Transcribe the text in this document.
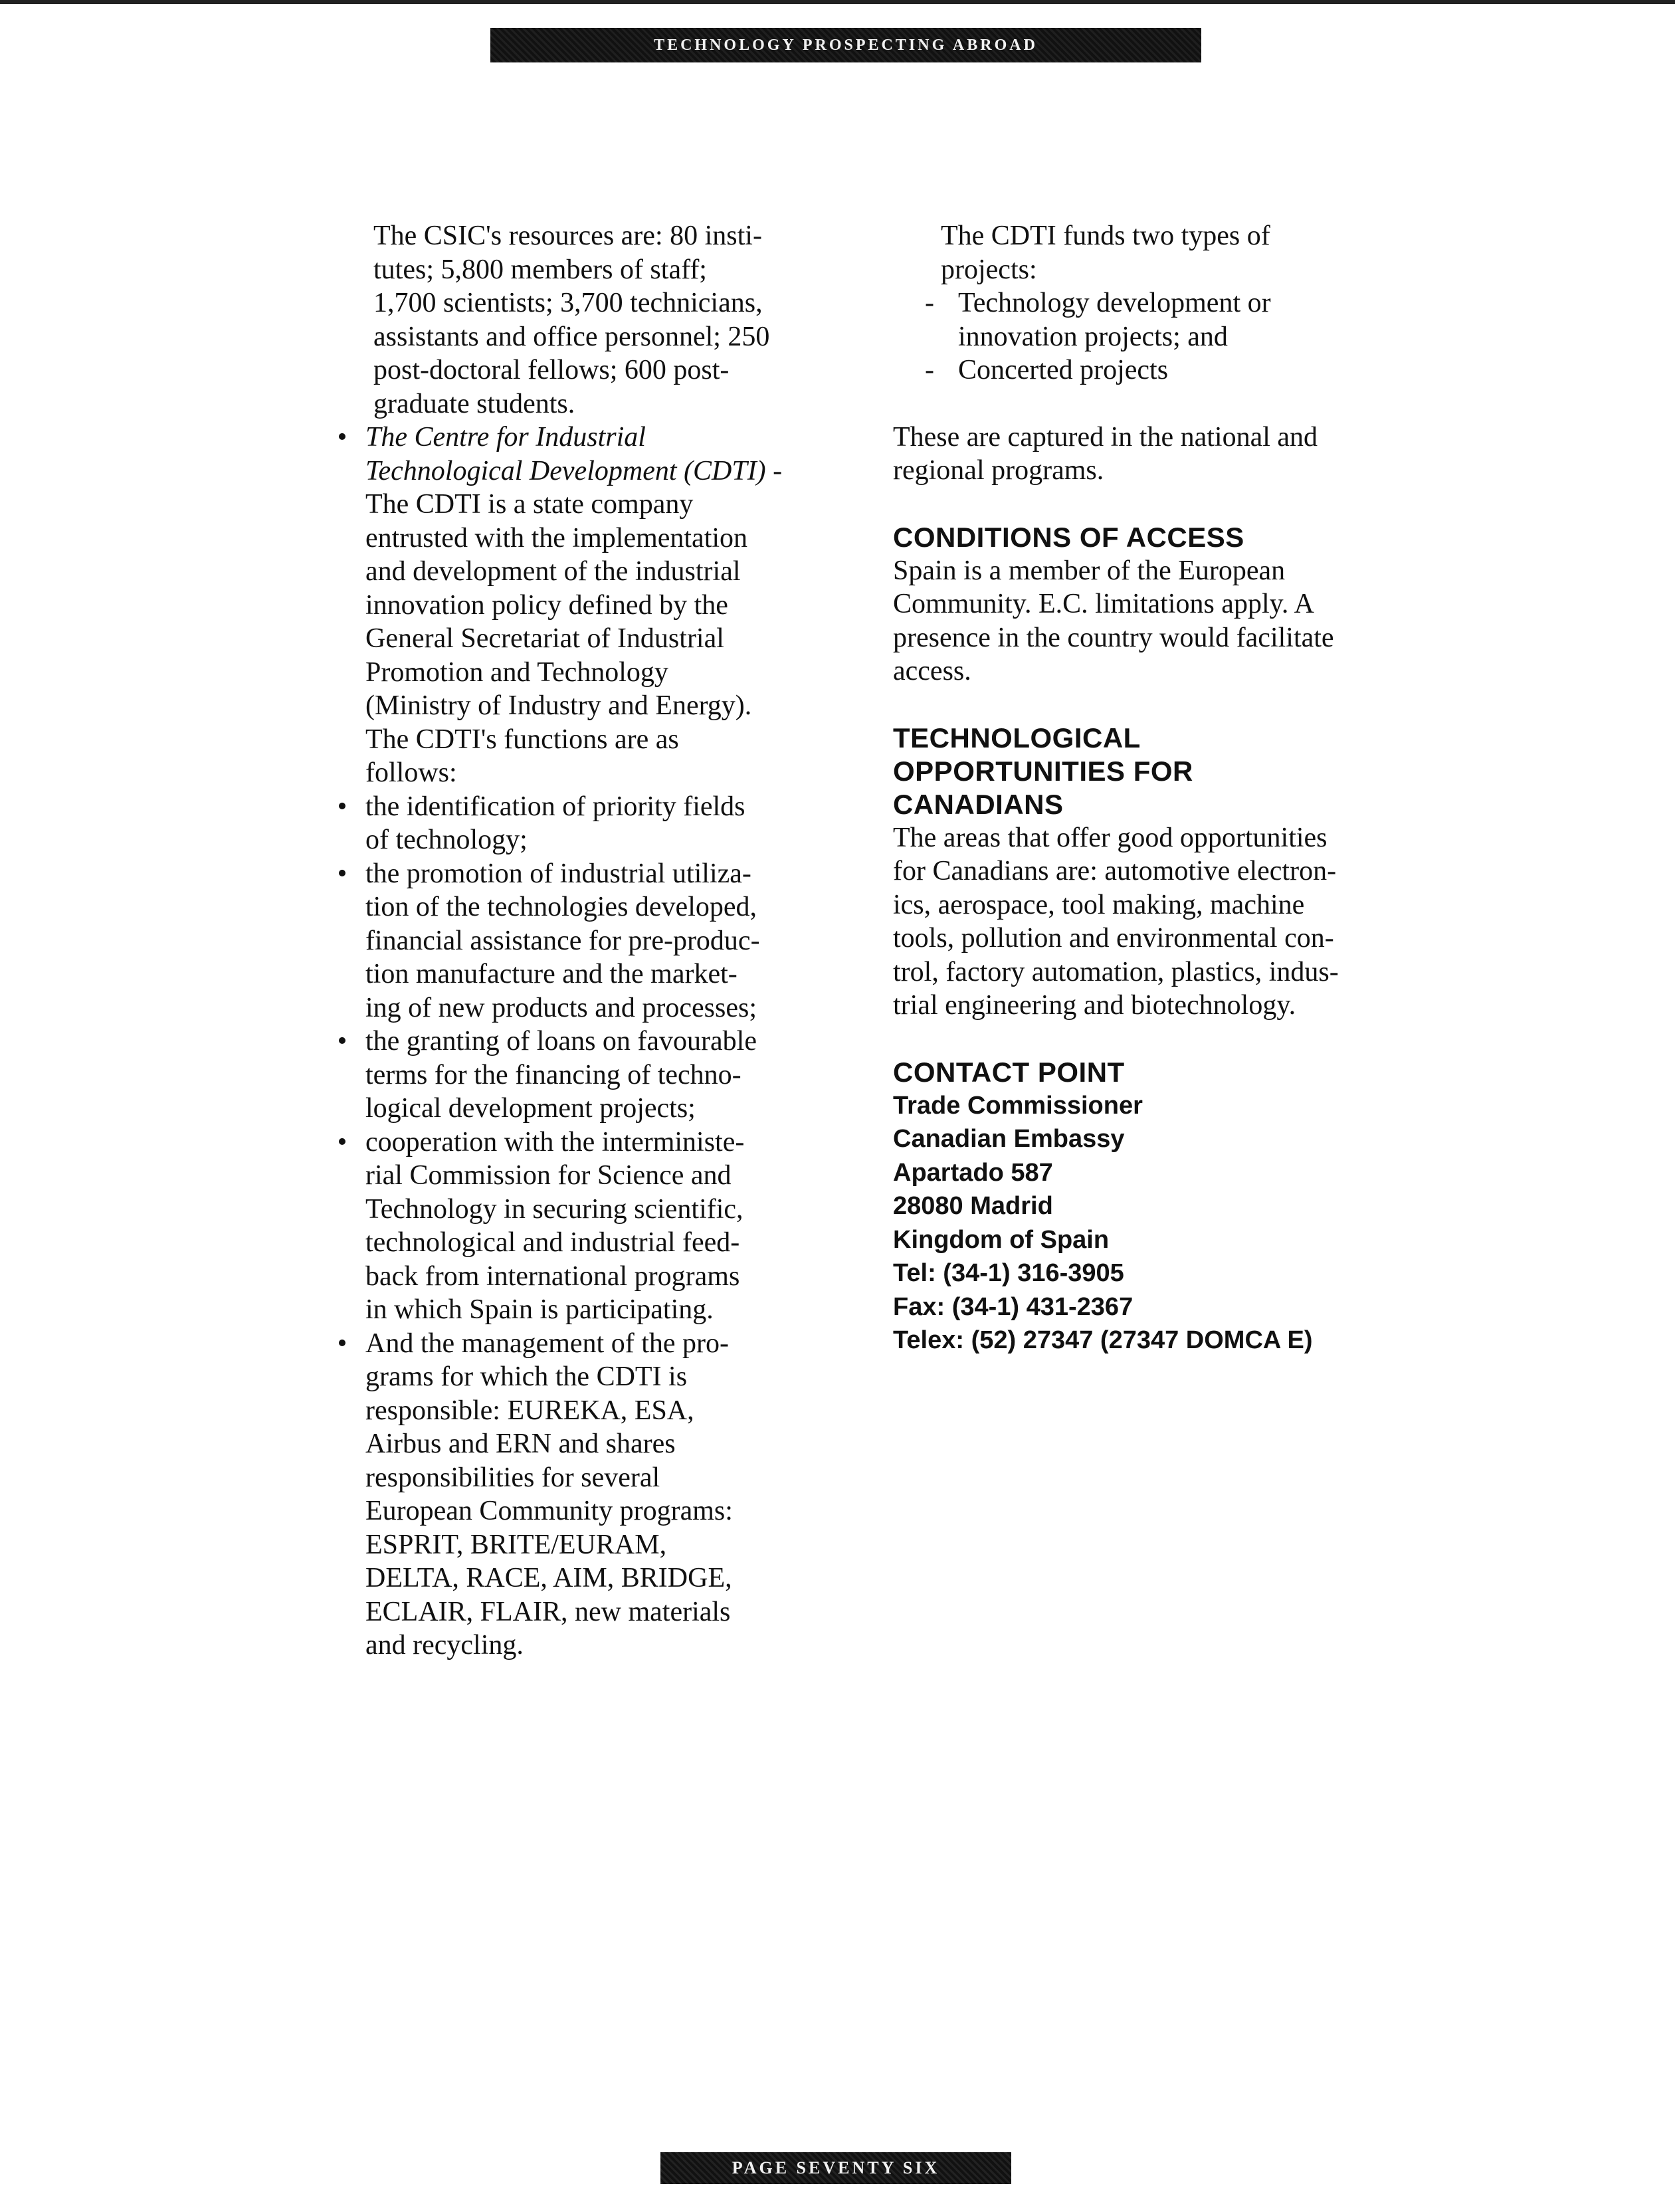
TECHNOLOGY PROSPECTING ABROAD

The CSIC's resources are: 80 insti-

tutes; 5,800 members of staff;

1,700 scientists; 3,700 technicians,

assistants and office personnel; 250

post-doctoral fellows; 600 post-

graduate students.

• The Centre for Industrial

Technological Development (CDTI) -

The CDTI is a state company

entrusted with the implementation

and development of the industrial

innovation policy defined by the

General Secretariat of Industrial

Promotion and Technology

(Ministry of Industry and Energy).

The CDTI's functions are as

follows:

• the identification of priority fields

of technology;

• the promotion of industrial utiliza-

tion of the technologies developed,

financial assistance for pre-produc-

tion manufacture and the market-

ing of new products and processes;

• the granting of loans on favourable

terms for the financing of techno-

logical development projects;

• cooperation with the interministe-

rial Commission for Science and

Technology in securing scientific,

technological and industrial feed-

back from international programs

in which Spain is participating.

• And the management of the pro-

grams for which the CDTI is

responsible: EUREKA, ESA,

Airbus and ERN and shares

responsibilities for several

European Community programs:

ESPRIT, BRITE/EURAM,

DELTA, RACE, AIM, BRIDGE,

ECLAIR, FLAIR, new materials

and recycling.

The CDTI funds two types of

projects:

- Technology development or

innovation projects; and

- Concerted projects

These are captured in the national and

regional programs.

CONDITIONS OF ACCESS

Spain is a member of the European

Community. E.C. limitations apply. A

presence in the country would facilitate

access.

TECHNOLOGICAL
OPPORTUNITIES FOR
CANADIANS

The areas that offer good opportunities

for Canadians are: automotive electron-

ics, aerospace, tool making, machine

tools, pollution and environmental con-

trol, factory automation, plastics, indus-

trial engineering and biotechnology.

CONTACT POINT
Trade Commissioner
Canadian Embassy
Apartado 587
28080 Madrid
Kingdom of Spain
Tel: (34-1) 316-3905
Fax: (34-1) 431-2367
Telex: (52) 27347 (27347 DOMCA E)
PAGE SEVENTY SIX
